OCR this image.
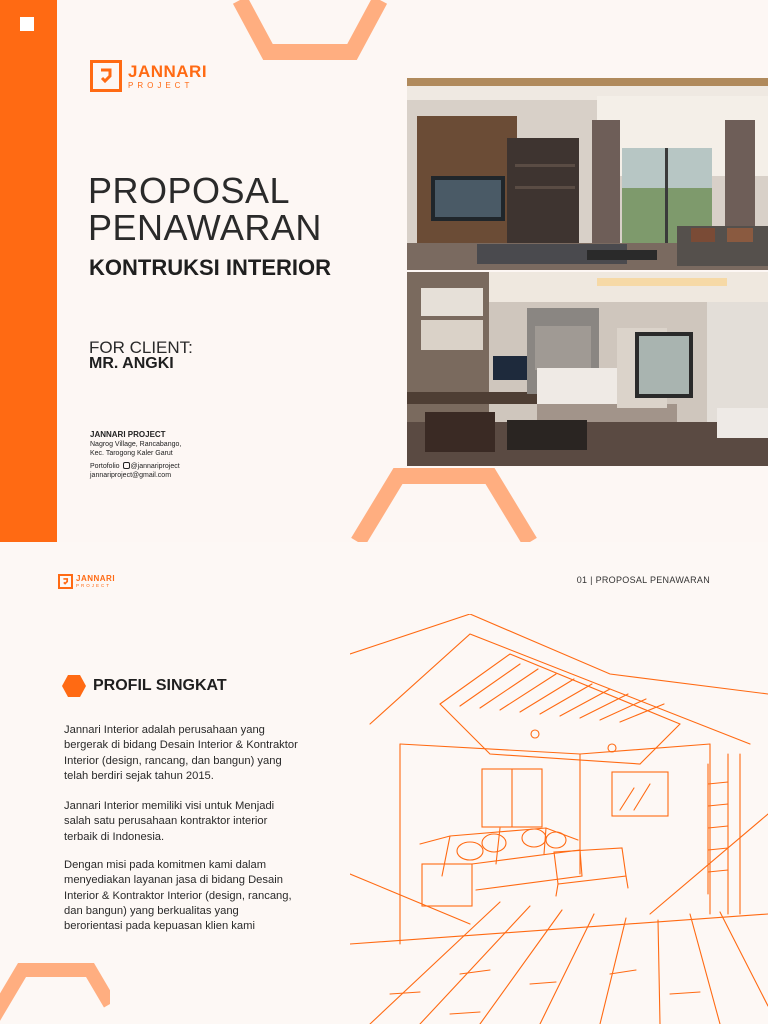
JANNARI
PROJECT
PROPOSAL
PENAWARAN
KONTRUKSI INTERIOR
FOR CLIENT:
MR. ANGKI
JANNARI PROJECT
Nagrog Village, Rancabango,
Kec. Tarogong Kaler Garut
Portofolio @jannariproject
jannariproject@gmail.com
JANNARI
PROJECT
01 | PROPOSAL PENAWARAN
PROFIL SINGKAT

Jannari Interior adalah perusahaan yang
bergerak di bidang Desain Interior & Kontraktor
Interior (design, rancang, dan bangun) yang
telah berdiri sejak tahun 2015.

Jannari Interior memiliki visi untuk Menjadi
salah satu perusahaan kontraktor interior
terbaik di Indonesia.

Dengan misi pada komitmen kami dalam
menyediakan layanan jasa di bidang Desain
Interior & Kontraktor Interior (design, rancang,
dan bangun) yang berkualitas yang
berorientasi pada kepuasan klien kami
